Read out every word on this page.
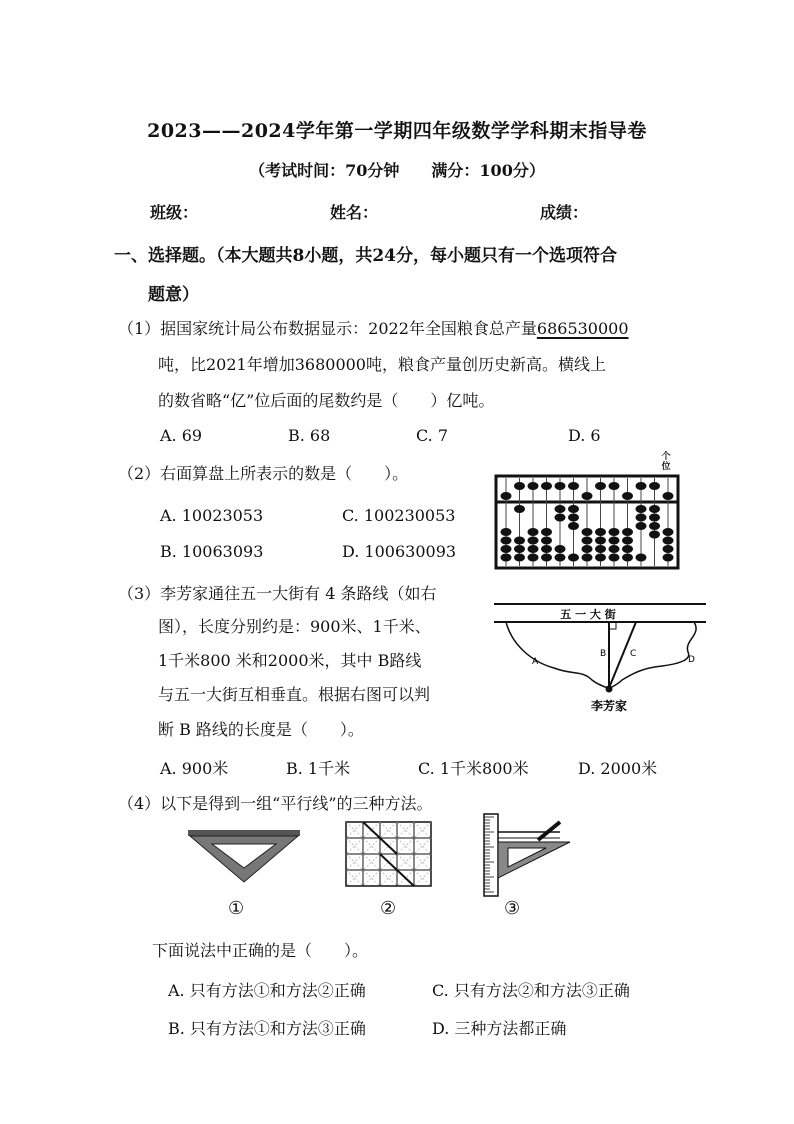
2023——2024学年第一学期四年级数学学科期末指导卷
（考试时间：70分钟　　满分：100分）
班级：	姓名：	成绩：
一、选择题。（本大题共8小题，共24分，每小题只有一个选项符合
题意）
（1）据国家统计局公布数据显示：2022年全国粮食总产量686530000
吨，比2021年增加3680000吨，粮食产量创历史新高。横线上
的数省略“亿”位后面的尾数约是（　　）亿吨。
A. 69	B. 68	C. 7	D. 6
（2）右面算盘上所表示的数是（　　）。
A. 10023053	C. 100230053
B. 10063093	D. 100630093
个位
（3）李芳家通往五一大街有 4 条路线（如右
图），长度分别约是：900米、1千米、
1千米800 米和2000米，其中 B路线
与五一大街互相垂直。根据右图可以判
断 B 路线的长度是（　　）。
A. 900米	B. 1千米	C. 1千米800米	D. 2000米
五 一 大 街
A
B	C
D
李芳家
（4）以下是得到一组“平行线”的三种方法。
①	②	③
下面说法中正确的是（　　）。
A. 只有方法①和方法②正确	C. 只有方法②和方法③正确
B. 只有方法①和方法③正确	D. 三种方法都正确
